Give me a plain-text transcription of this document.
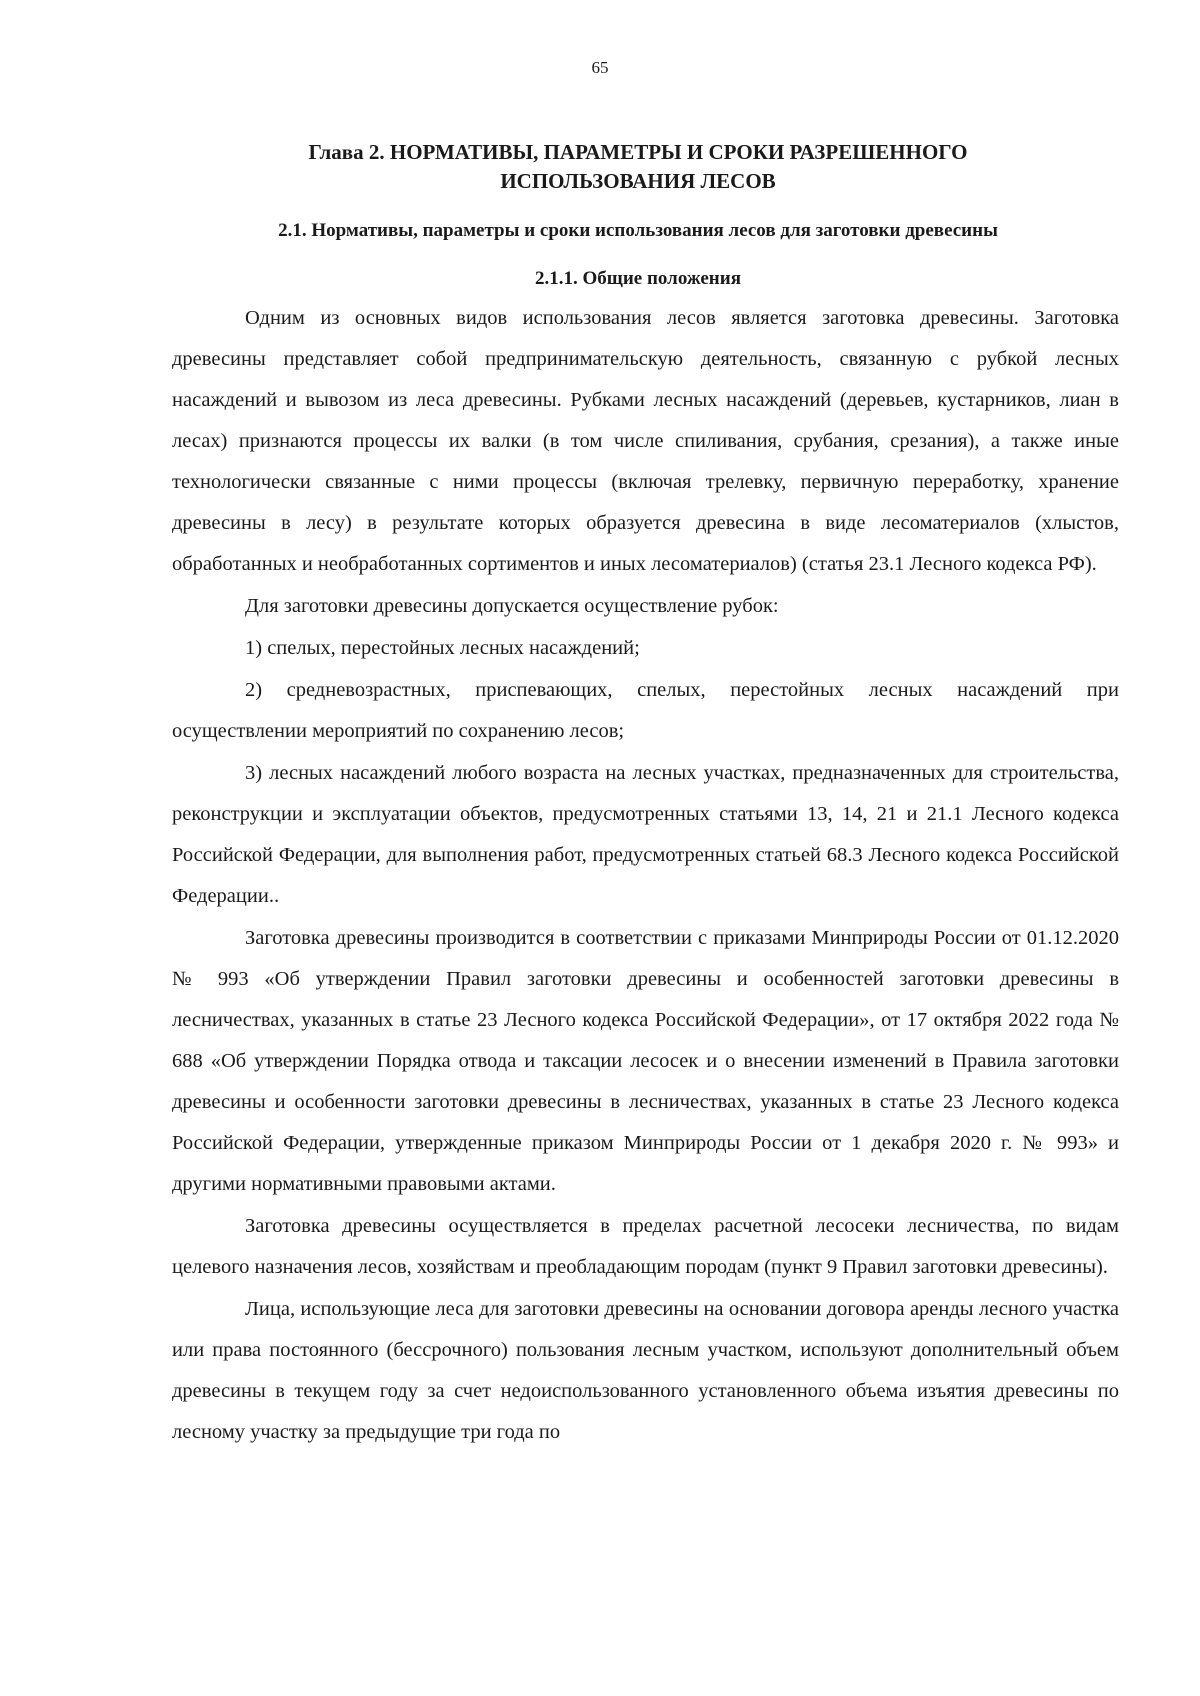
65

Глава 2. НОРМАТИВЫ, ПАРАМЕТРЫ И СРОКИ РАЗРЕШЕННОГО
ИСПОЛЬЗОВАНИЯ ЛЕСОВ

2.1. Нормативы, параметры и сроки использования лесов для заготовки древесины

2.1.1. Общие положения

Одним из основных видов использования лесов является заготовка древесины. Заготовка древесины представляет собой предпринимательскую деятельность, связанную с рубкой лесных насаждений и вывозом из леса древесины. Рубками лесных насаждений (деревьев, кустарников, лиан в лесах) признаются процессы их валки (в том числе спиливания, срубания, срезания), а также иные технологически связанные с ними процессы (включая трелевку, первичную переработку, хранение древесины в лесу) в результате которых образуется древесина в виде лесоматериалов (хлыстов, обработанных и необработанных сортиментов и иных лесоматериалов) (статья 23.1 Лесного кодекса РФ).

Для заготовки древесины допускается осуществление рубок:

1) спелых, перестойных лесных насаждений;

2) средневозрастных, приспевающих, спелых, перестойных лесных насаждений при осуществлении мероприятий по сохранению лесов;

3) лесных насаждений любого возраста на лесных участках, предназначенных для строительства, реконструкции и эксплуатации объектов, предусмотренных статьями 13, 14, 21 и 21.1 Лесного кодекса Российской Федерации, для выполнения работ, предусмотренных статьей 68.3 Лесного кодекса Российской Федерации..

Заготовка древесины производится в соответствии с приказами Минприроды России от 01.12.2020 № 993 «Об утверждении Правил заготовки древесины и особенностей заготовки древесины в лесничествах, указанных в статье 23 Лесного кодекса Российской Федерации», от 17 октября 2022 года № 688 «Об утверждении Порядка отвода и таксации лесосек и о внесении изменений в Правила заготовки древесины и особенности заготовки древесины в лесничествах, указанных в статье 23 Лесного кодекса Российской Федерации, утвержденные приказом Минприроды России от 1 декабря 2020 г. № 993» и другими нормативными правовыми актами.

Заготовка древесины осуществляется в пределах расчетной лесосеки лесничества, по видам целевого назначения лесов, хозяйствам и преобладающим породам (пункт 9 Правил заготовки древесины).

Лица, использующие леса для заготовки древесины на основании договора аренды лесного участка или права постоянного (бессрочного) пользования лесным участком, используют дополнительный объем древесины в текущем году за счет недоиспользованного установленного объема изъятия древесины по лесному участку за предыдущие три года по
